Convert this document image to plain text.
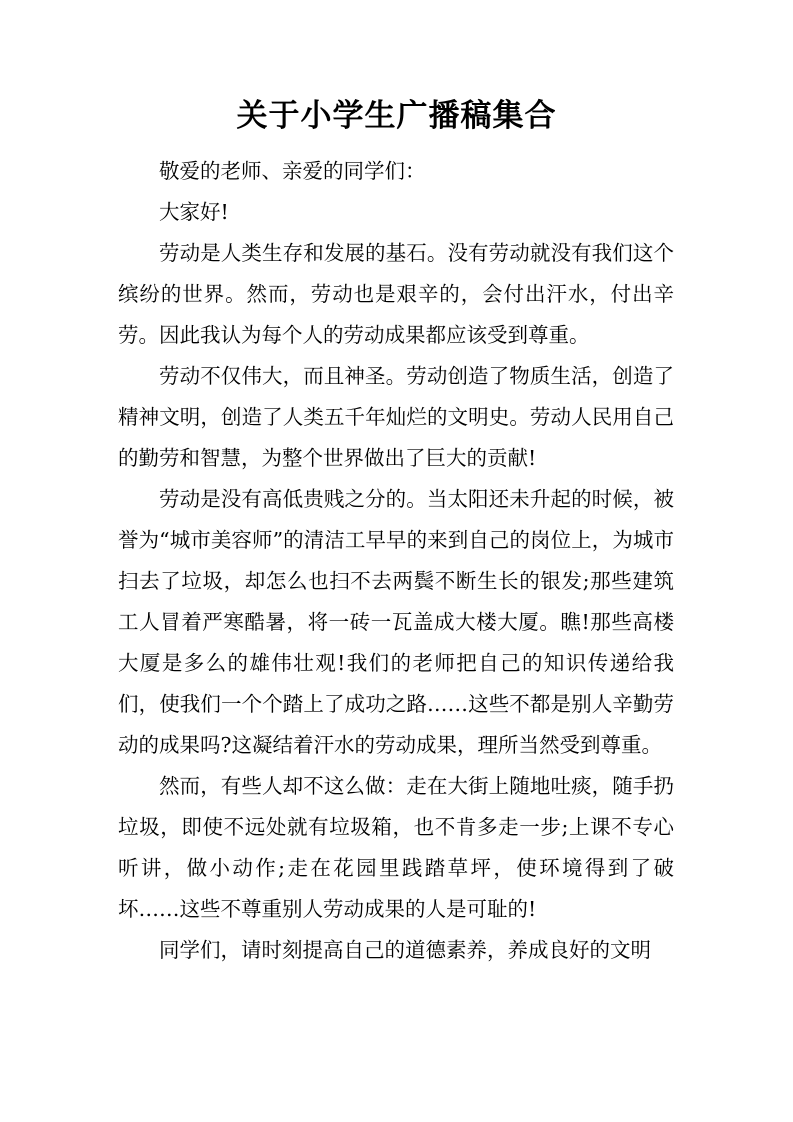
关于小学生广播稿集合

敬爱的老师、亲爱的同学们：

大家好!

劳动是人类生存和发展的基石。没有劳动就没有我们这个缤纷的世界。然而，劳动也是艰辛的，会付出汗水，付出辛劳。因此我认为每个人的劳动成果都应该受到尊重。

劳动不仅伟大，而且神圣。劳动创造了物质生活，创造了精神文明，创造了人类五千年灿烂的文明史。劳动人民用自己的勤劳和智慧，为整个世界做出了巨大的贡献!

劳动是没有高低贵贱之分的。当太阳还未升起的时候，被誉为“城市美容师”的清洁工早早的来到自己的岗位上，为城市扫去了垃圾，却怎么也扫不去两鬓不断生长的银发;那些建筑工人冒着严寒酷暑，将一砖一瓦盖成大楼大厦。瞧!那些高楼大厦是多么的雄伟壮观!我们的老师把自己的知识传递给我们，使我们一个个踏上了成功之路……这些不都是别人辛勤劳动的成果吗?这凝结着汗水的劳动成果，理所当然受到尊重。

然而，有些人却不这么做：走在大街上随地吐痰，随手扔垃圾，即使不远处就有垃圾箱，也不肯多走一步;上课不专心听讲，做小动作;走在花园里践踏草坪，使环境得到了破坏……这些不尊重别人劳动成果的人是可耻的!

同学们，请时刻提高自己的道德素养，养成良好的文明
